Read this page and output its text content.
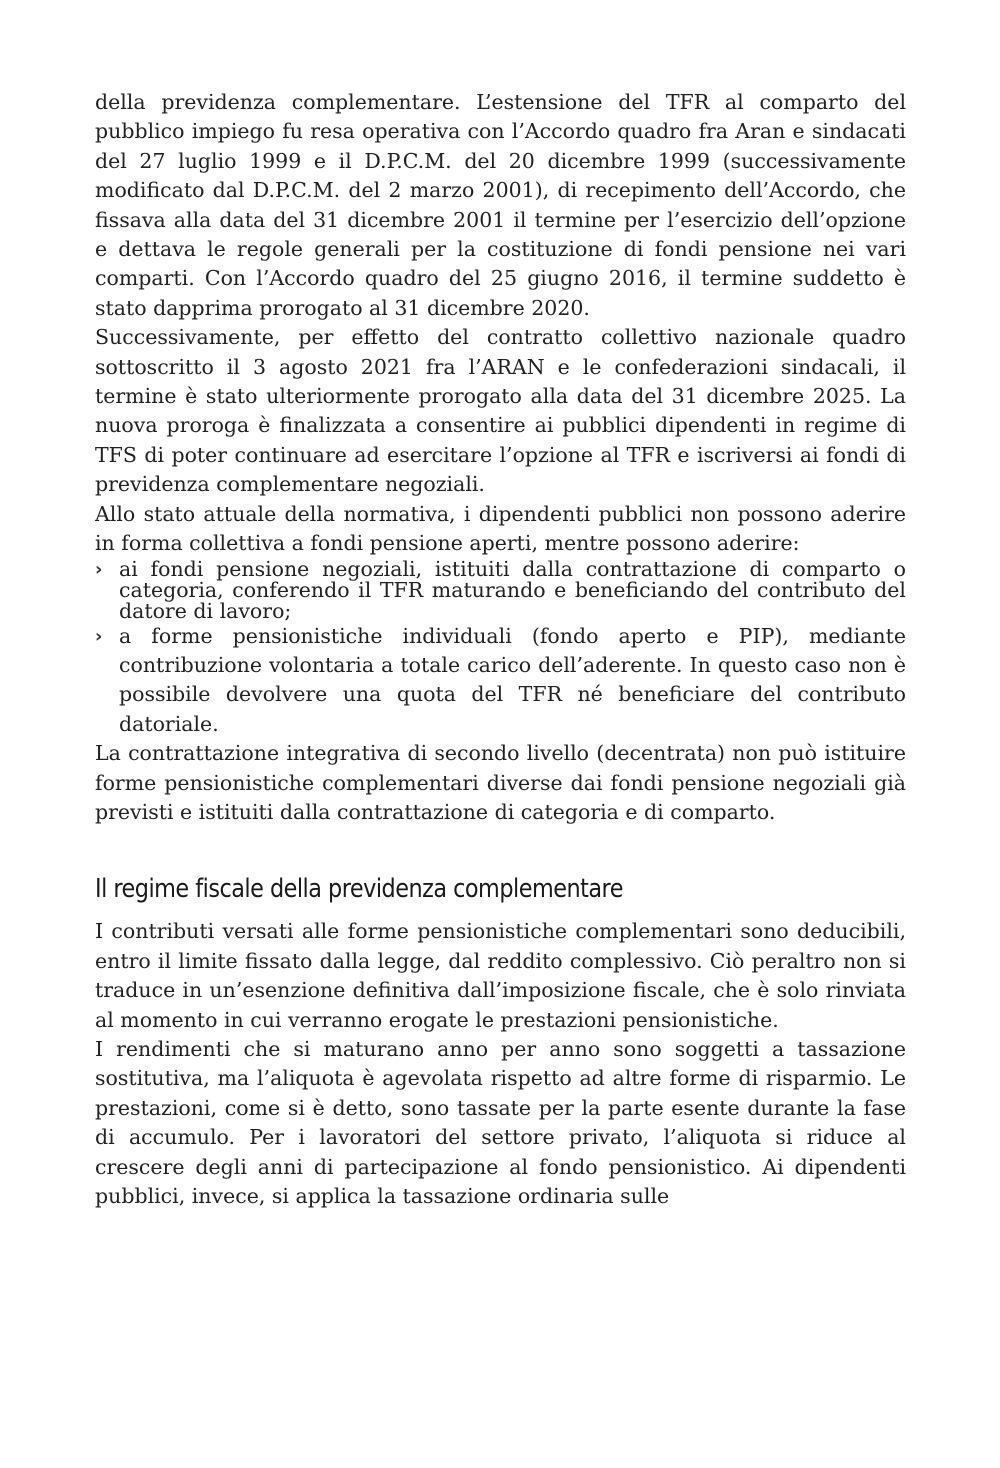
della previdenza complementare. L’estensione del TFR al comparto del pubblico impiego fu resa operativa con l’Accordo quadro fra Aran e sindacati del 27 luglio 1999 e il D.P.C.M. del 20 dicembre 1999 (successivamente modificato dal D.P.C.M. del 2 marzo 2001), di recepimento dell’Accordo, che fissava alla data del 31 dicembre 2001 il termine per l’esercizio dell’opzione e dettava le regole generali per la costituzione di fondi pensione nei vari comparti. Con l’Accordo quadro del 25 giugno 2016, il termine suddetto è stato dapprima prorogato al 31 dicembre 2020.

Successivamente, per effetto del contratto collettivo nazionale quadro sottoscritto il 3 agosto 2021 fra l’ARAN e le confederazioni sindacali, il termine è stato ulteriormente prorogato alla data del 31 dicembre 2025. La nuova proroga è finalizzata a consentire ai pubblici dipendenti in regime di TFS di poter continuare ad esercitare l’opzione al TFR e iscriversi ai fondi di previdenza complementare negoziali.

Allo stato attuale della normativa, i dipendenti pubblici non possono aderire in forma collettiva a fondi pensione aperti, mentre possono aderire:

› ai fondi pensione negoziali, istituiti dalla contrattazione di comparto o categoria, conferendo il TFR maturando e beneficiando del contributo del datore di lavoro;
› a forme pensionistiche individuali (fondo aperto e PIP), mediante contribuzione volontaria a totale carico dell’aderente. In questo caso non è possibile devolvere una quota del TFR né beneficiare del contributo datoriale.

La contrattazione integrativa di secondo livello (decentrata) non può istituire forme pensionistiche complementari diverse dai fondi pensione negoziali già previsti e istituiti dalla contrattazione di categoria e di comparto.

Il regime fiscale della previdenza complementare

I contributi versati alle forme pensionistiche complementari sono deducibili, entro il limite fissato dalla legge, dal reddito complessivo. Ciò peraltro non si traduce in un’esenzione definitiva dall’imposizione fiscale, che è solo rinviata al momento in cui verranno erogate le prestazioni pensionistiche.

I rendimenti che si maturano anno per anno sono soggetti a tassazione sostitutiva, ma l’aliquota è agevolata rispetto ad altre forme di risparmio. Le prestazioni, come si è detto, sono tassate per la parte esente durante la fase di accumulo. Per i lavoratori del settore privato, l’aliquota si riduce al crescere degli anni di partecipazione al fondo pensionistico. Ai dipendenti pubblici, invece, si applica la tassazione ordinaria sulle
